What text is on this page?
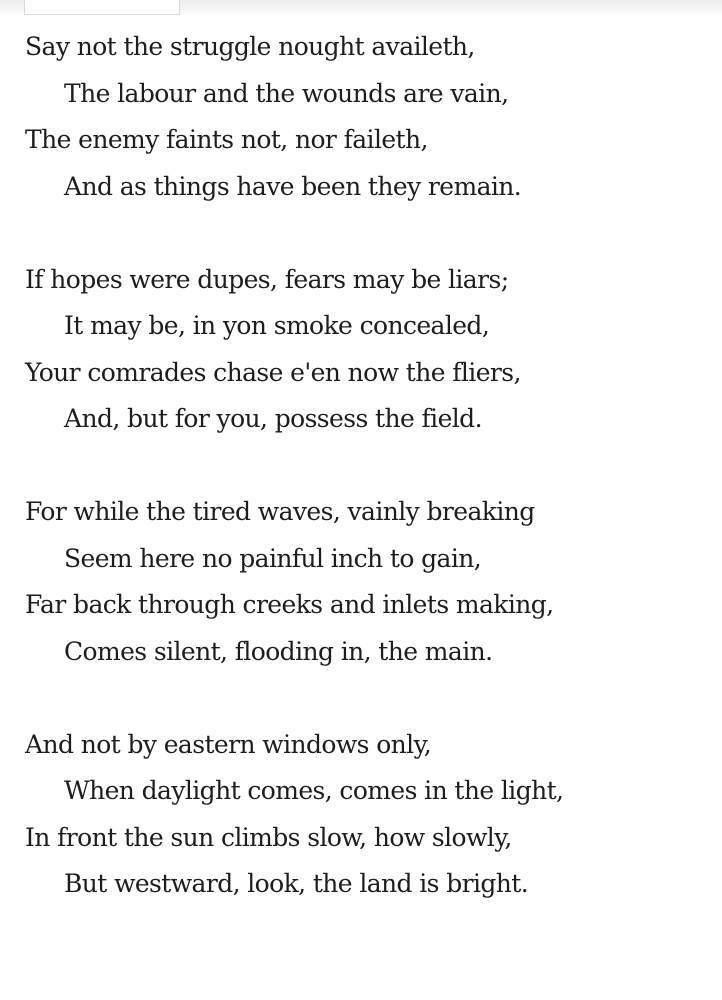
Say not the struggle nought availeth,
The labour and the wounds are vain,
The enemy faints not, nor faileth,
And as things have been they remain.
If hopes were dupes, fears may be liars;
It may be, in yon smoke concealed,
Your comrades chase e'en now the fliers,
And, but for you, possess the field.
For while the tired waves, vainly breaking
Seem here no painful inch to gain,
Far back through creeks and inlets making,
Comes silent, flooding in, the main.
And not by eastern windows only,
When daylight comes, comes in the light,
In front the sun climbs slow, how slowly,
But westward, look, the land is bright.
